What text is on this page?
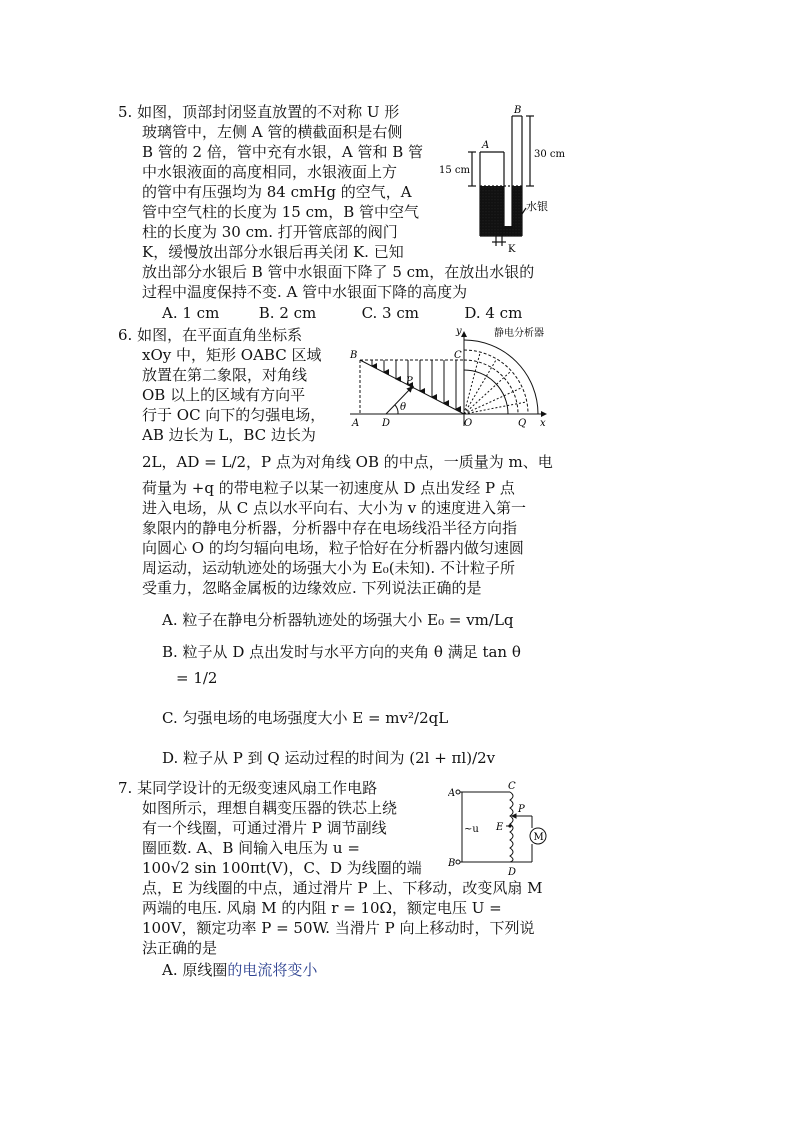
5. 如图，顶部封闭竖直放置的不对称 U 形
玻璃管中，左侧 A 管的横截面积是右侧
B 管的 2 倍，管中充有水银，A 管和 B 管
中水银液面的高度相同，水银液面上方
的管中有压强均为 84 cmHg 的空气，A
管中空气柱的长度为 15 cm，B 管中空气
柱的长度为 30 cm. 打开管底部的阀门
K，缓慢放出部分水银后再关闭 K. 已知
放出部分水银后 B 管中水银面下降了 5 cm，在放出水银的
过程中温度保持不变. A 管中水银面下降的高度为
A. 1 cm	B. 2 cm	C. 3 cm	D. 4 cm
A
B
K
15 cm
30 cm
水银
6. 如图，在平面直角坐标系
xOy 中，矩形 OABC 区域
放置在第二象限，对角线
OB 以上的区域有方向平
行于 OC 向下的匀强电场，
AB 边长为 L，BC 边长为
2L，AD = L/2，P 点为对角线 OB 的中点，一质量为 m、电
荷量为 +q 的带电粒子以某一初速度从 D 点出发经 P 点
进入电场，从 C 点以水平向右、大小为 v 的速度进入第一
象限内的静电分析器，分析器中存在电场线沿半径方向指
向圆心 O 的均匀辐向电场，粒子恰好在分析器内做匀速圆
周运动，运动轨迹处的场强大小为 E₀(未知). 不计粒子所
受重力，忽略金属板的边缘效应. 下列说法正确的是
A. 粒子在静电分析器轨迹处的场强大小 E₀ = vm/Lq
B. 粒子从 D 点出发时与水平方向的夹角 θ 满足 tan θ
= 1/2
C. 匀强电场的电场强度大小 E = mv²/2qL
D. 粒子从 P 到 Q 运动过程的时间为 (2l + πl)/2v
静电分析器
B	C
P
θ
D
A	O	Q x
y
7. 某同学设计的无级变速风扇工作电路
如图所示，理想自耦变压器的铁芯上绕
有一个线圈，可通过滑片 P 调节副线
圈匝数. A、B 间输入电压为 u =
100√2 sin 100πt(V)，C、D 为线圈的端
点，E 为线圈的中点，通过滑片 P 上、下移动，改变风扇 M
两端的电压. 风扇 M 的内阻 r = 10Ω，额定电压 U =
100V，额定功率 P = 50W. 当滑片 P 向上移动时，下列说
法正确的是
A. 原线圈的电流将变小
A
B
C
D
E
P
M
~u
